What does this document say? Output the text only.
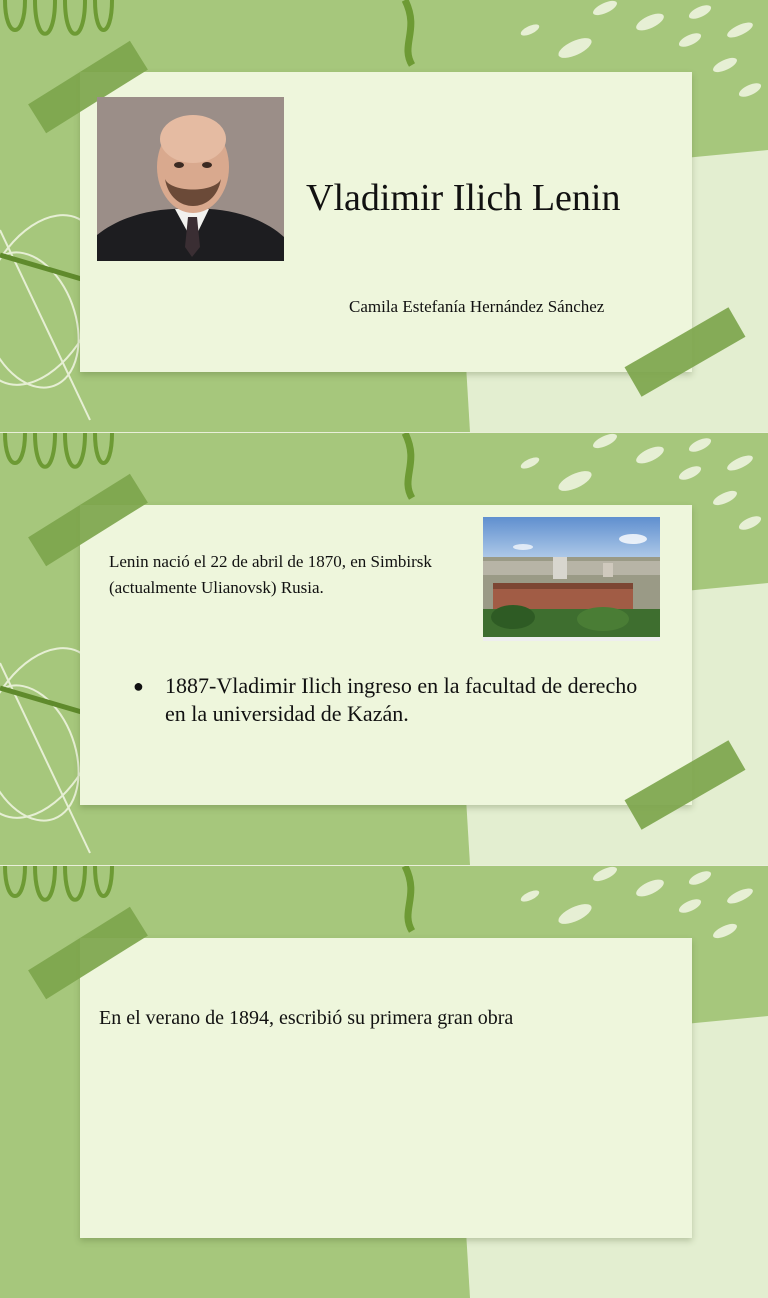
Vladimir Ilich Lenin
Camila Estefanía Hernández Sánchez
Lenin nació el 22 de abril de 1870, en Simbirsk (actualmente Ulianovsk) Rusia.
● 1887-Vladimir Ilich ingreso en la facultad de derecho en la universidad de Kazán.
En el verano de 1894, escribió su primera gran obra
